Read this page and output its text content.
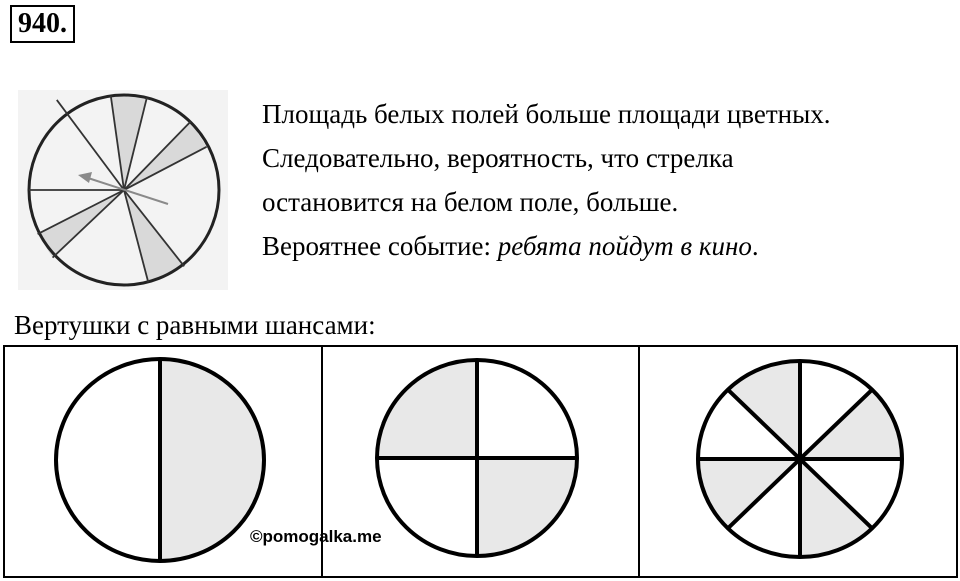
940.
Площадь белых полей больше площади цветных.
Следовательно, вероятность, что стрелка
остановится на белом поле, больше.
Вероятнее событие: ребята пойдут в кино.
Вертушки с равными шансами:
©pomogalka.me
